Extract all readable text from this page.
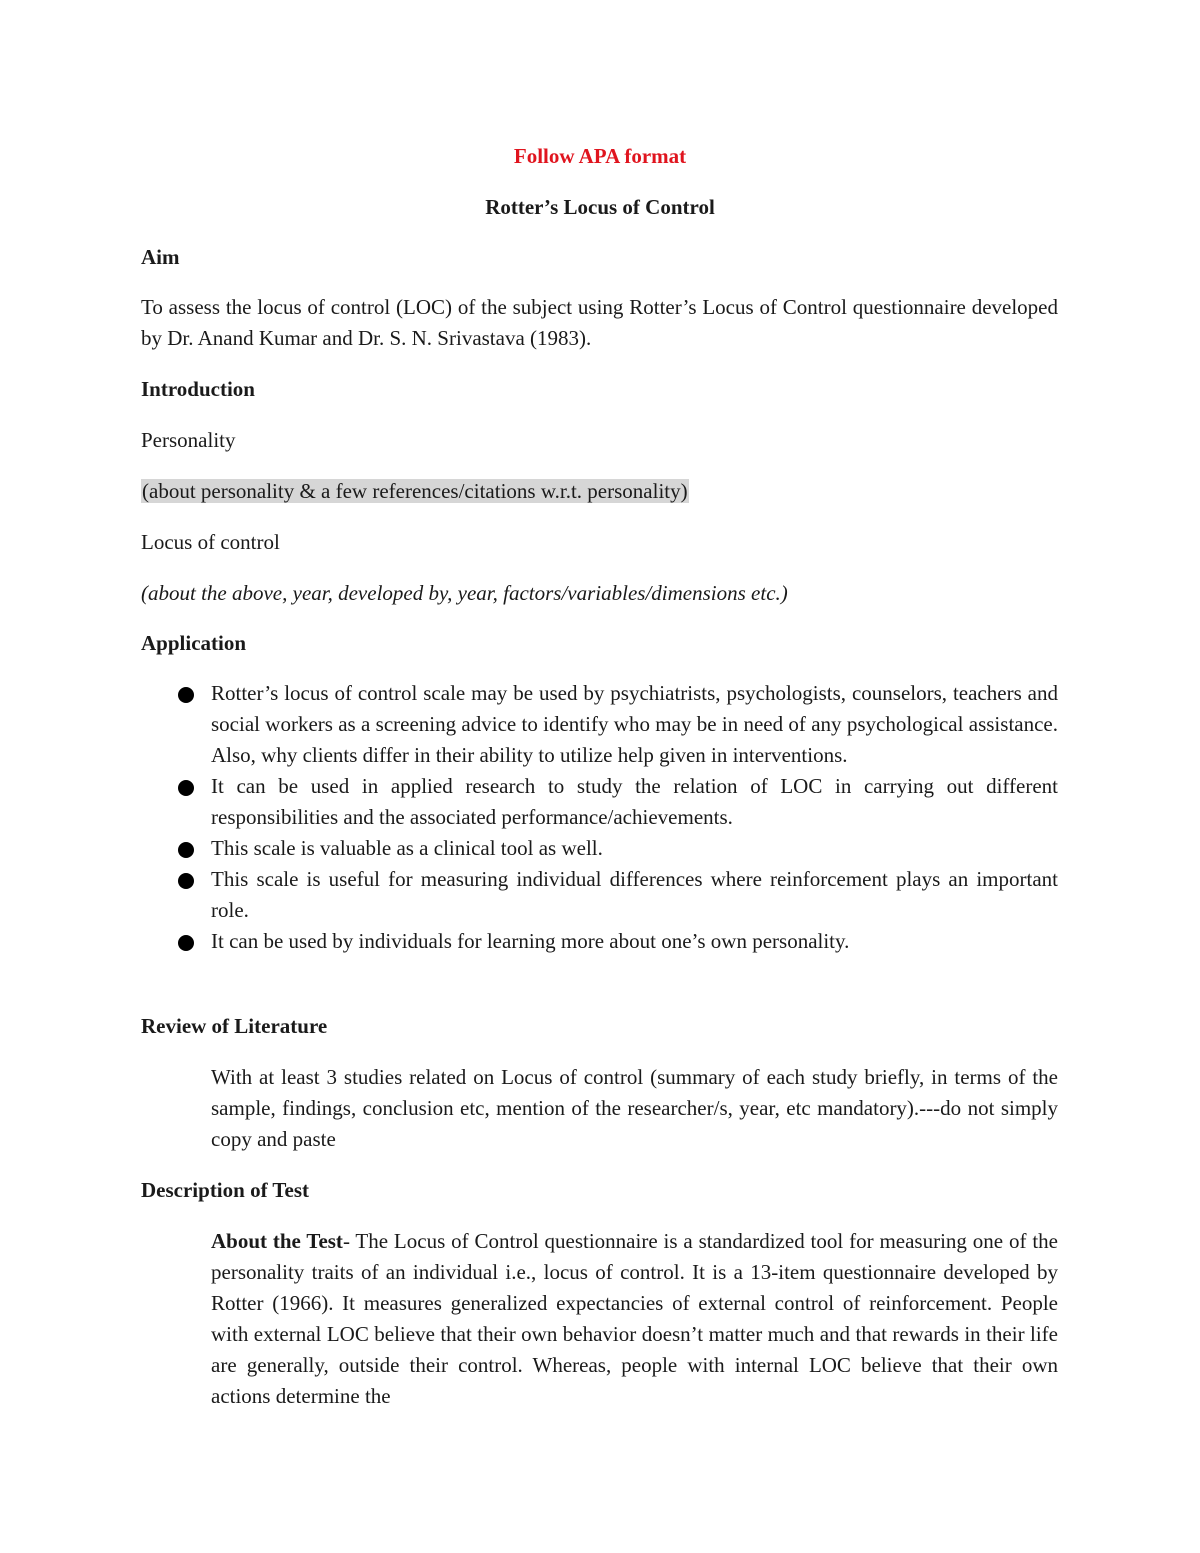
Follow APA format
Rotter’s Locus of Control
Aim
To assess the locus of control (LOC) of the subject using Rotter’s Locus of Control questionnaire developed by Dr. Anand Kumar and Dr. S. N. Srivastava (1983).
Introduction
Personality
(about personality & a few references/citations w.r.t. personality)
Locus of control
(about the above, year, developed by, year, factors/variables/dimensions etc.)
Application
Rotter’s locus of control scale may be used by psychiatrists, psychologists, counselors, teachers and social workers as a screening advice to identify who may be in need of any psychological assistance. Also, why clients differ in their ability to utilize help given in interventions.
It can be used in applied research to study the relation of LOC in carrying out different responsibilities and the associated performance/achievements.
This scale is valuable as a clinical tool as well.
This scale is useful for measuring individual differences where reinforcement plays an important role.
It can be used by individuals for learning more about one’s own personality.
Review of Literature
With at least 3 studies related on Locus of control (summary of each study briefly, in terms of the sample, findings, conclusion etc, mention of the researcher/s, year, etc mandatory).---do not simply copy and paste
Description of Test
About the Test- The Locus of Control questionnaire is a standardized tool for measuring one of the personality traits of an individual i.e., locus of control. It is a 13-item questionnaire developed by Rotter (1966). It measures generalized expectancies of external control of reinforcement. People with external LOC believe that their own behavior doesn’t matter much and that rewards in their life are generally, outside their control. Whereas, people with internal LOC believe that their own actions determine the
